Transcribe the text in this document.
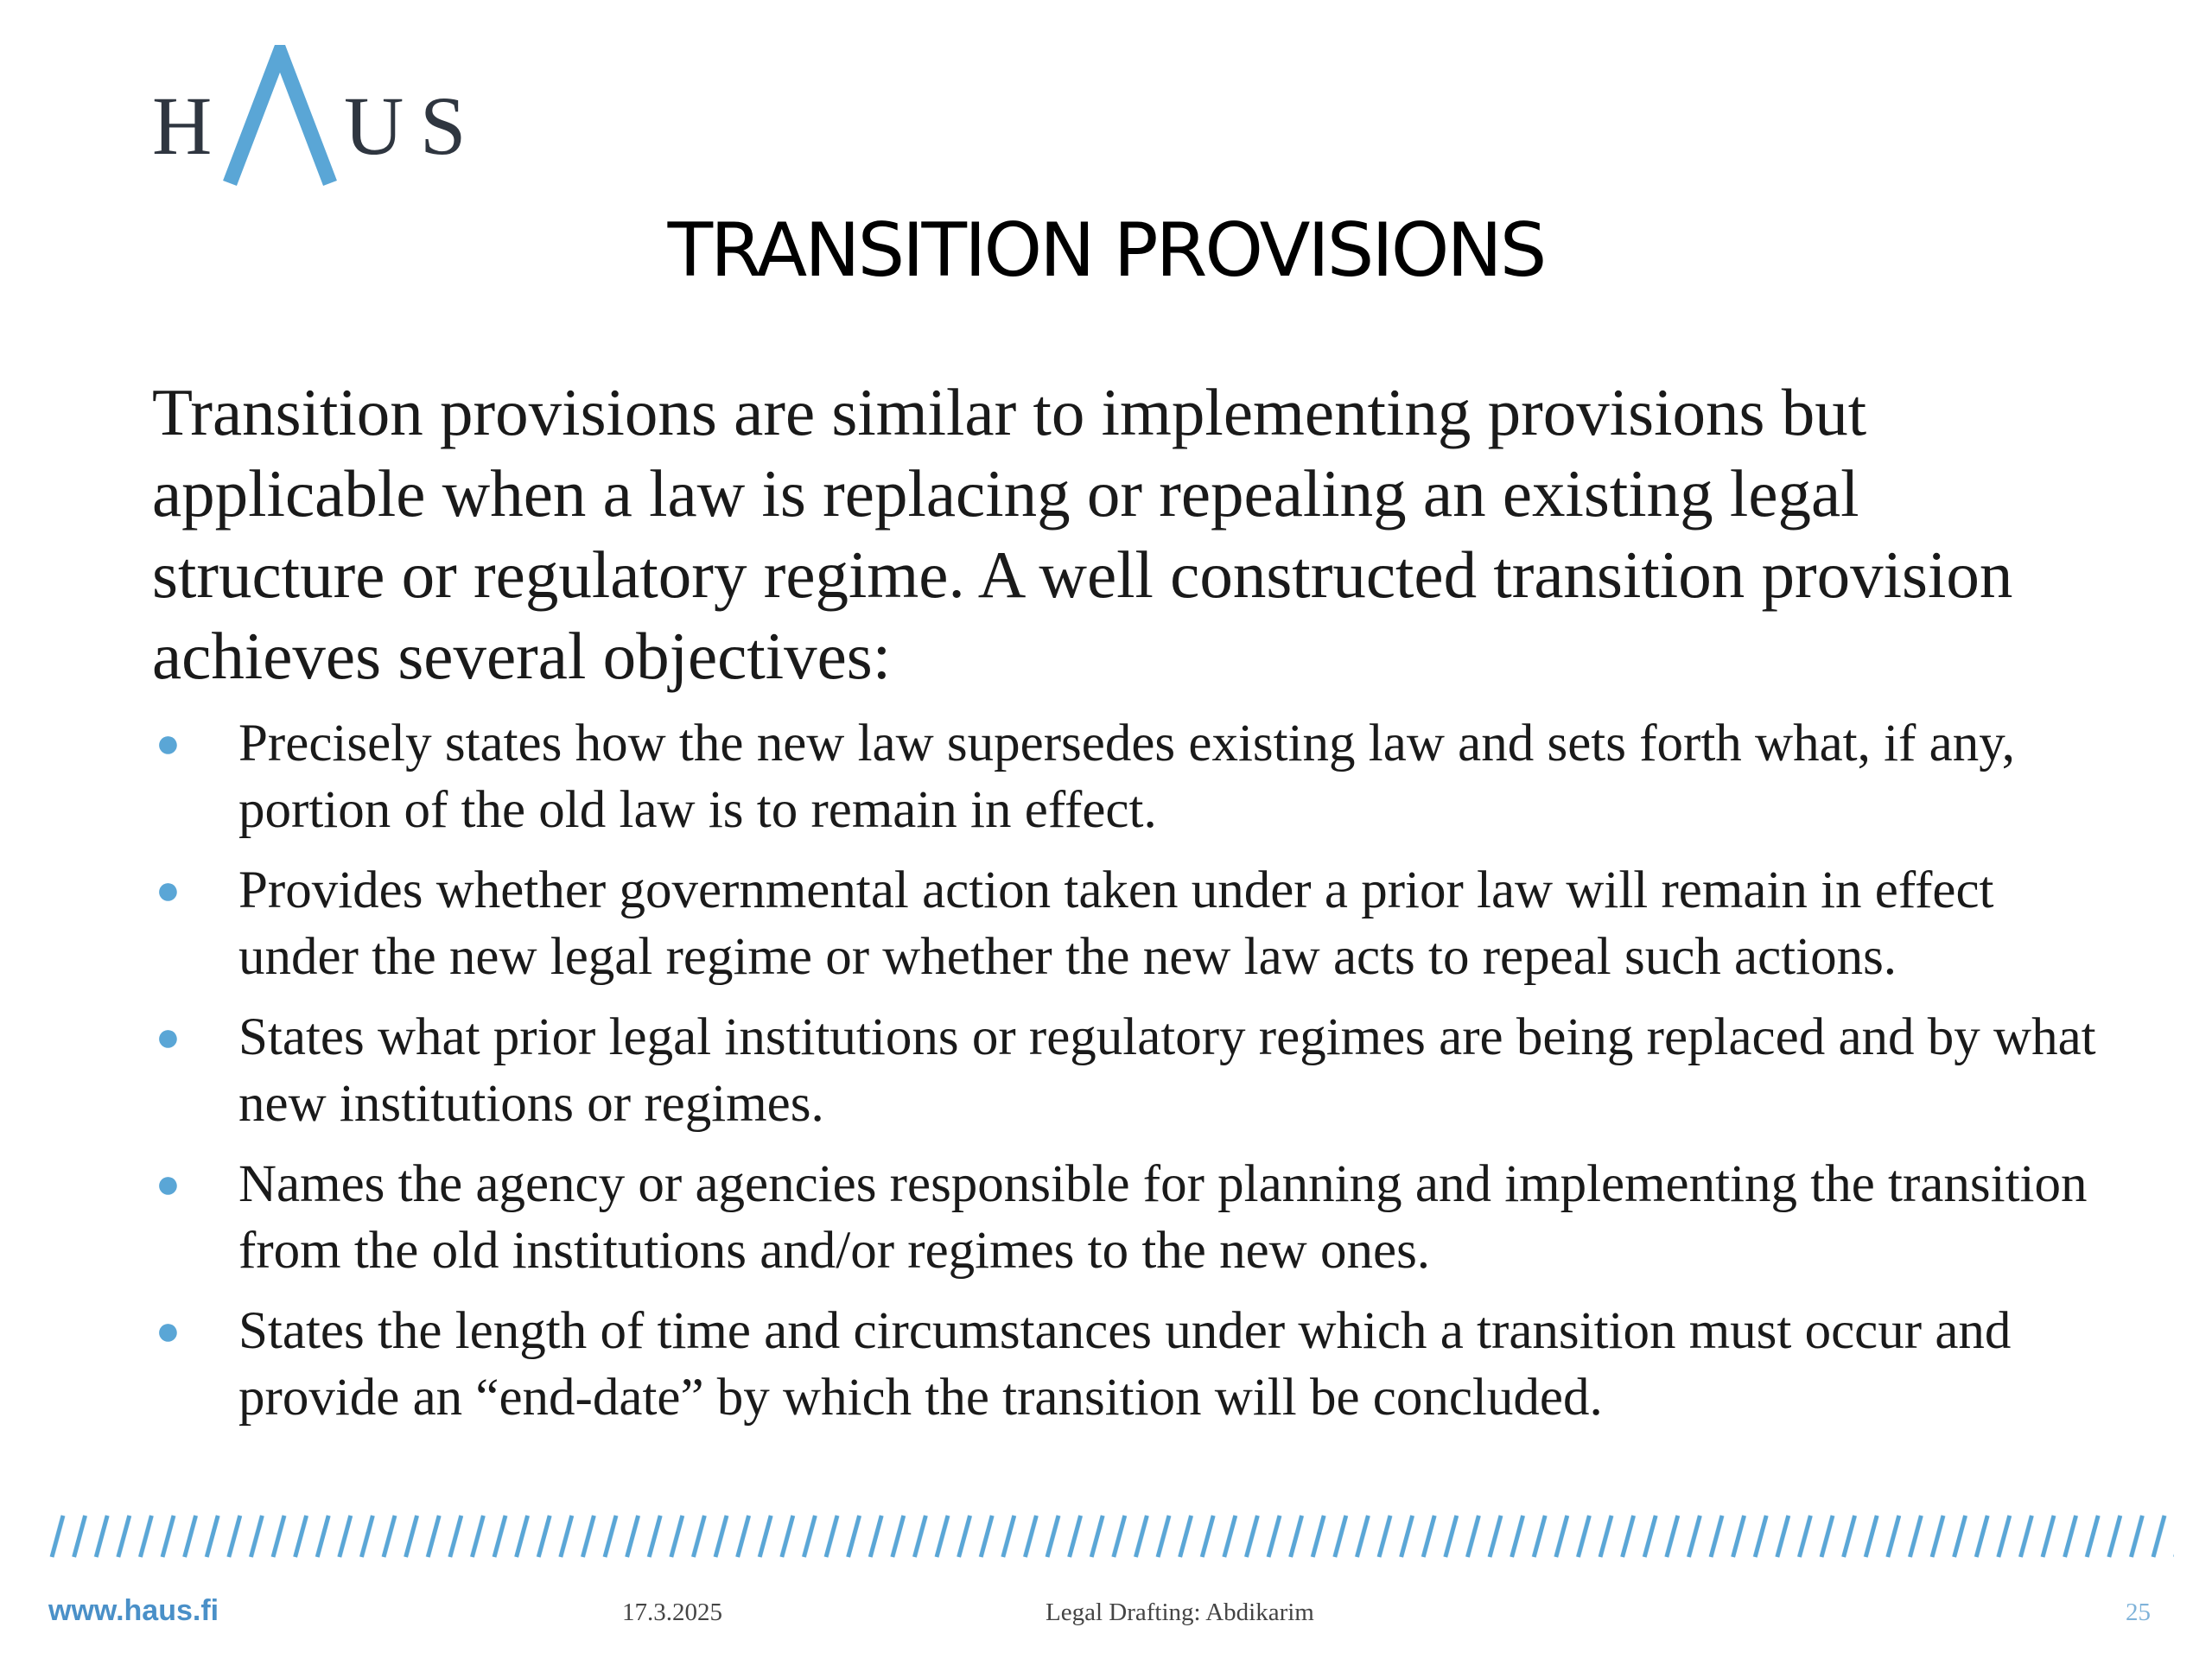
H U S
TRANSITION PROVISIONS

Transition provisions are similar to implementing provisions but applicable when a law is replacing or repealing an existing legal structure or regulatory regime. A well constructed transition provision achieves several objectives:

● Precisely states how the new law supersedes existing law and sets forth what, if any, portion of the old law is to remain in effect.
● Provides whether governmental action taken under a prior law will remain in effect under the new legal regime or whether the new law acts to repeal such actions.
● States what prior legal institutions or regulatory regimes are being replaced and by what new institutions or regimes.
● Names the agency or agencies responsible for planning and implementing the transition from the old institutions and/or regimes to the new ones.
● States the length of time and circumstances under which a transition must occur and provide an “end-date” by which the transition will be concluded.
www.haus.fi	17.3.2025	Legal Drafting: Abdikarim	25
